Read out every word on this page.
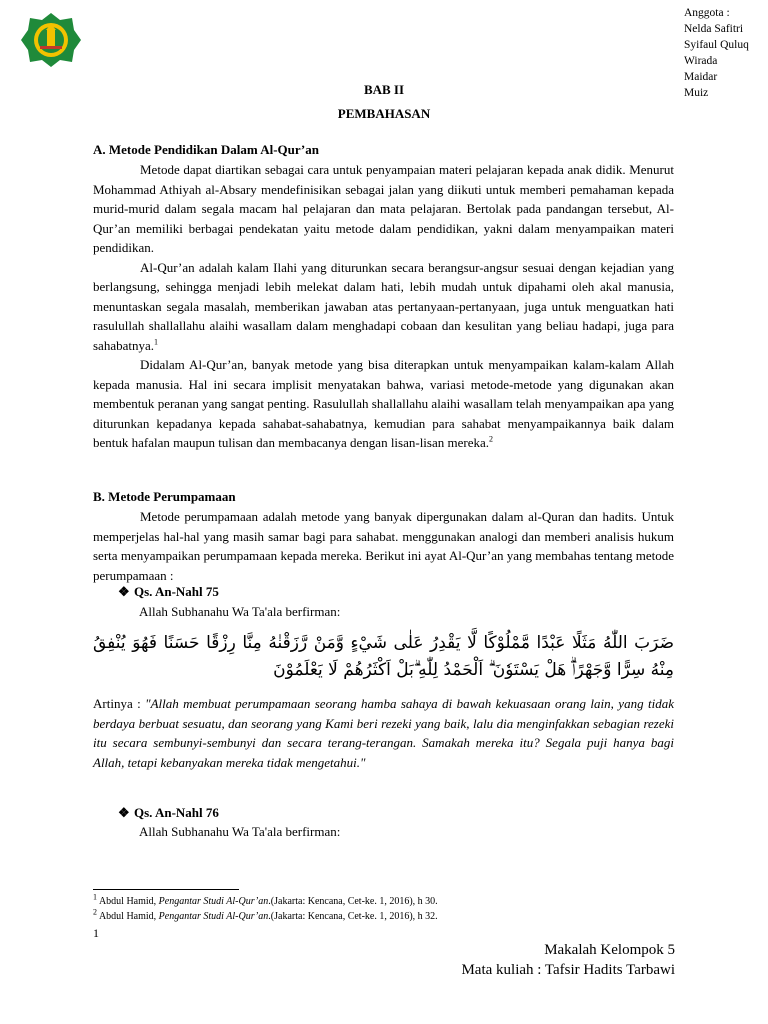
Anggota :
Nelda Safitri
Syifaul Quluq
Wirada
Maidar
Muiz
BAB II
PEMBAHASAN
A. Metode Pendidikan Dalam Al-Qur’an

Metode dapat diartikan sebagai cara untuk penyampaian materi pelajaran kepada anak didik. Menurut Mohammad Athiyah al-Absary mendefinisikan sebagai jalan yang diikuti untuk memberi pemahaman kepada murid-murid dalam segala macam hal pelajaran dan mata pelajaran. Bertolak pada pandangan tersebut, Al-Qur’an memiliki berbagai pendekatan yaitu metode dalam pendidikan, yakni dalam menyampaikan materi pendidikan.

Al-Qur’an adalah kalam Ilahi yang diturunkan secara berangsur-angsur sesuai dengan kejadian yang berlangsung, sehingga menjadi lebih melekat dalam hati, lebih mudah untuk dipahami oleh akal manusia, menuntaskan segala masalah, memberikan jawaban atas pertanyaan-pertanyaan, juga untuk menguatkan hati rasulullah shallallahu alaihi wasallam dalam menghadapi cobaan dan kesulitan yang beliau hadapi, juga para sahabatnya.$^1$

Didalam Al-Qur’an, banyak metode yang bisa diterapkan untuk menyampaikan kalam-kalam Allah kepada manusia. Hal ini secara implisit menyatakan bahwa, variasi metode-metode yang digunakan akan membentuk peranan yang sangat penting. Rasulullah shallallahu alaihi wasallam telah menyampaikan apa yang diturunkan kepadanya kepada sahabat-sahabatnya, kemudian para sahabat menyampaikannya baik dalam bentuk hafalan maupun tulisan dan membacanya dengan lisan-lisan mereka.$^2$

B. Metode Perumpamaan

Metode perumpamaan adalah metode yang banyak dipergunakan dalam al-Quran dan hadits. Untuk memperjelas hal-hal yang masih samar bagi para sahabat. menggunakan analogi dan memberi analisis hukum serta menyampaikan perumpamaan kepada mereka. Berikut ini ayat Al-Qur’an yang membahas tentang metode perumpamaan :

❖ Qs. An-Nahl 75
Allah Subhanahu Wa Ta'ala berfirman:
ضَرَبَ اللّٰهُ مَثَلًا عَبْدًا مَّمْلُوْكًا لَّا يَقْدِرُ عَلٰى شَيْءٍ وَّمَنْ رَّزَقْنٰهُ مِنَّا رِزْقًا حَسَنًا فَهُوَ يُنْفِقُ مِنْهُ سِرًّا وَّجَهْرًاۗ هَلْ يَسْتَوٗنَ ۗ اَلْحَمْدُ لِلّٰهِ ۗبَلْ اَكْثَرُهُمْ لَا يَعْلَمُوْنَ
Artinya : "Allah membuat perumpamaan seorang hamba sahaya di bawah kekuasaan orang lain, yang tidak berdaya berbuat sesuatu, dan seorang yang Kami beri rezeki yang baik, lalu dia menginfakkan sebagian rezeki itu secara sembunyi-sembunyi dan secara terang-terangan. Samakah mereka itu? Segala puji hanya bagi Allah, tetapi kebanyakan mereka tidak mengetahui."
❖ Qs. An-Nahl 76
Allah Subhanahu Wa Ta'ala berfirman:
$^1$ Abdul Hamid, Pengantar Studi Al-Qur’an.(Jakarta: Kencana, Cet-ke. 1, 2016), h 30.
$^2$ Abdul Hamid, Pengantar Studi Al-Qur’an.(Jakarta: Kencana, Cet-ke. 1, 2016), h 32.
1
Makalah Kelompok 5
Mata kuliah : Tafsir Hadits Tarbawi
